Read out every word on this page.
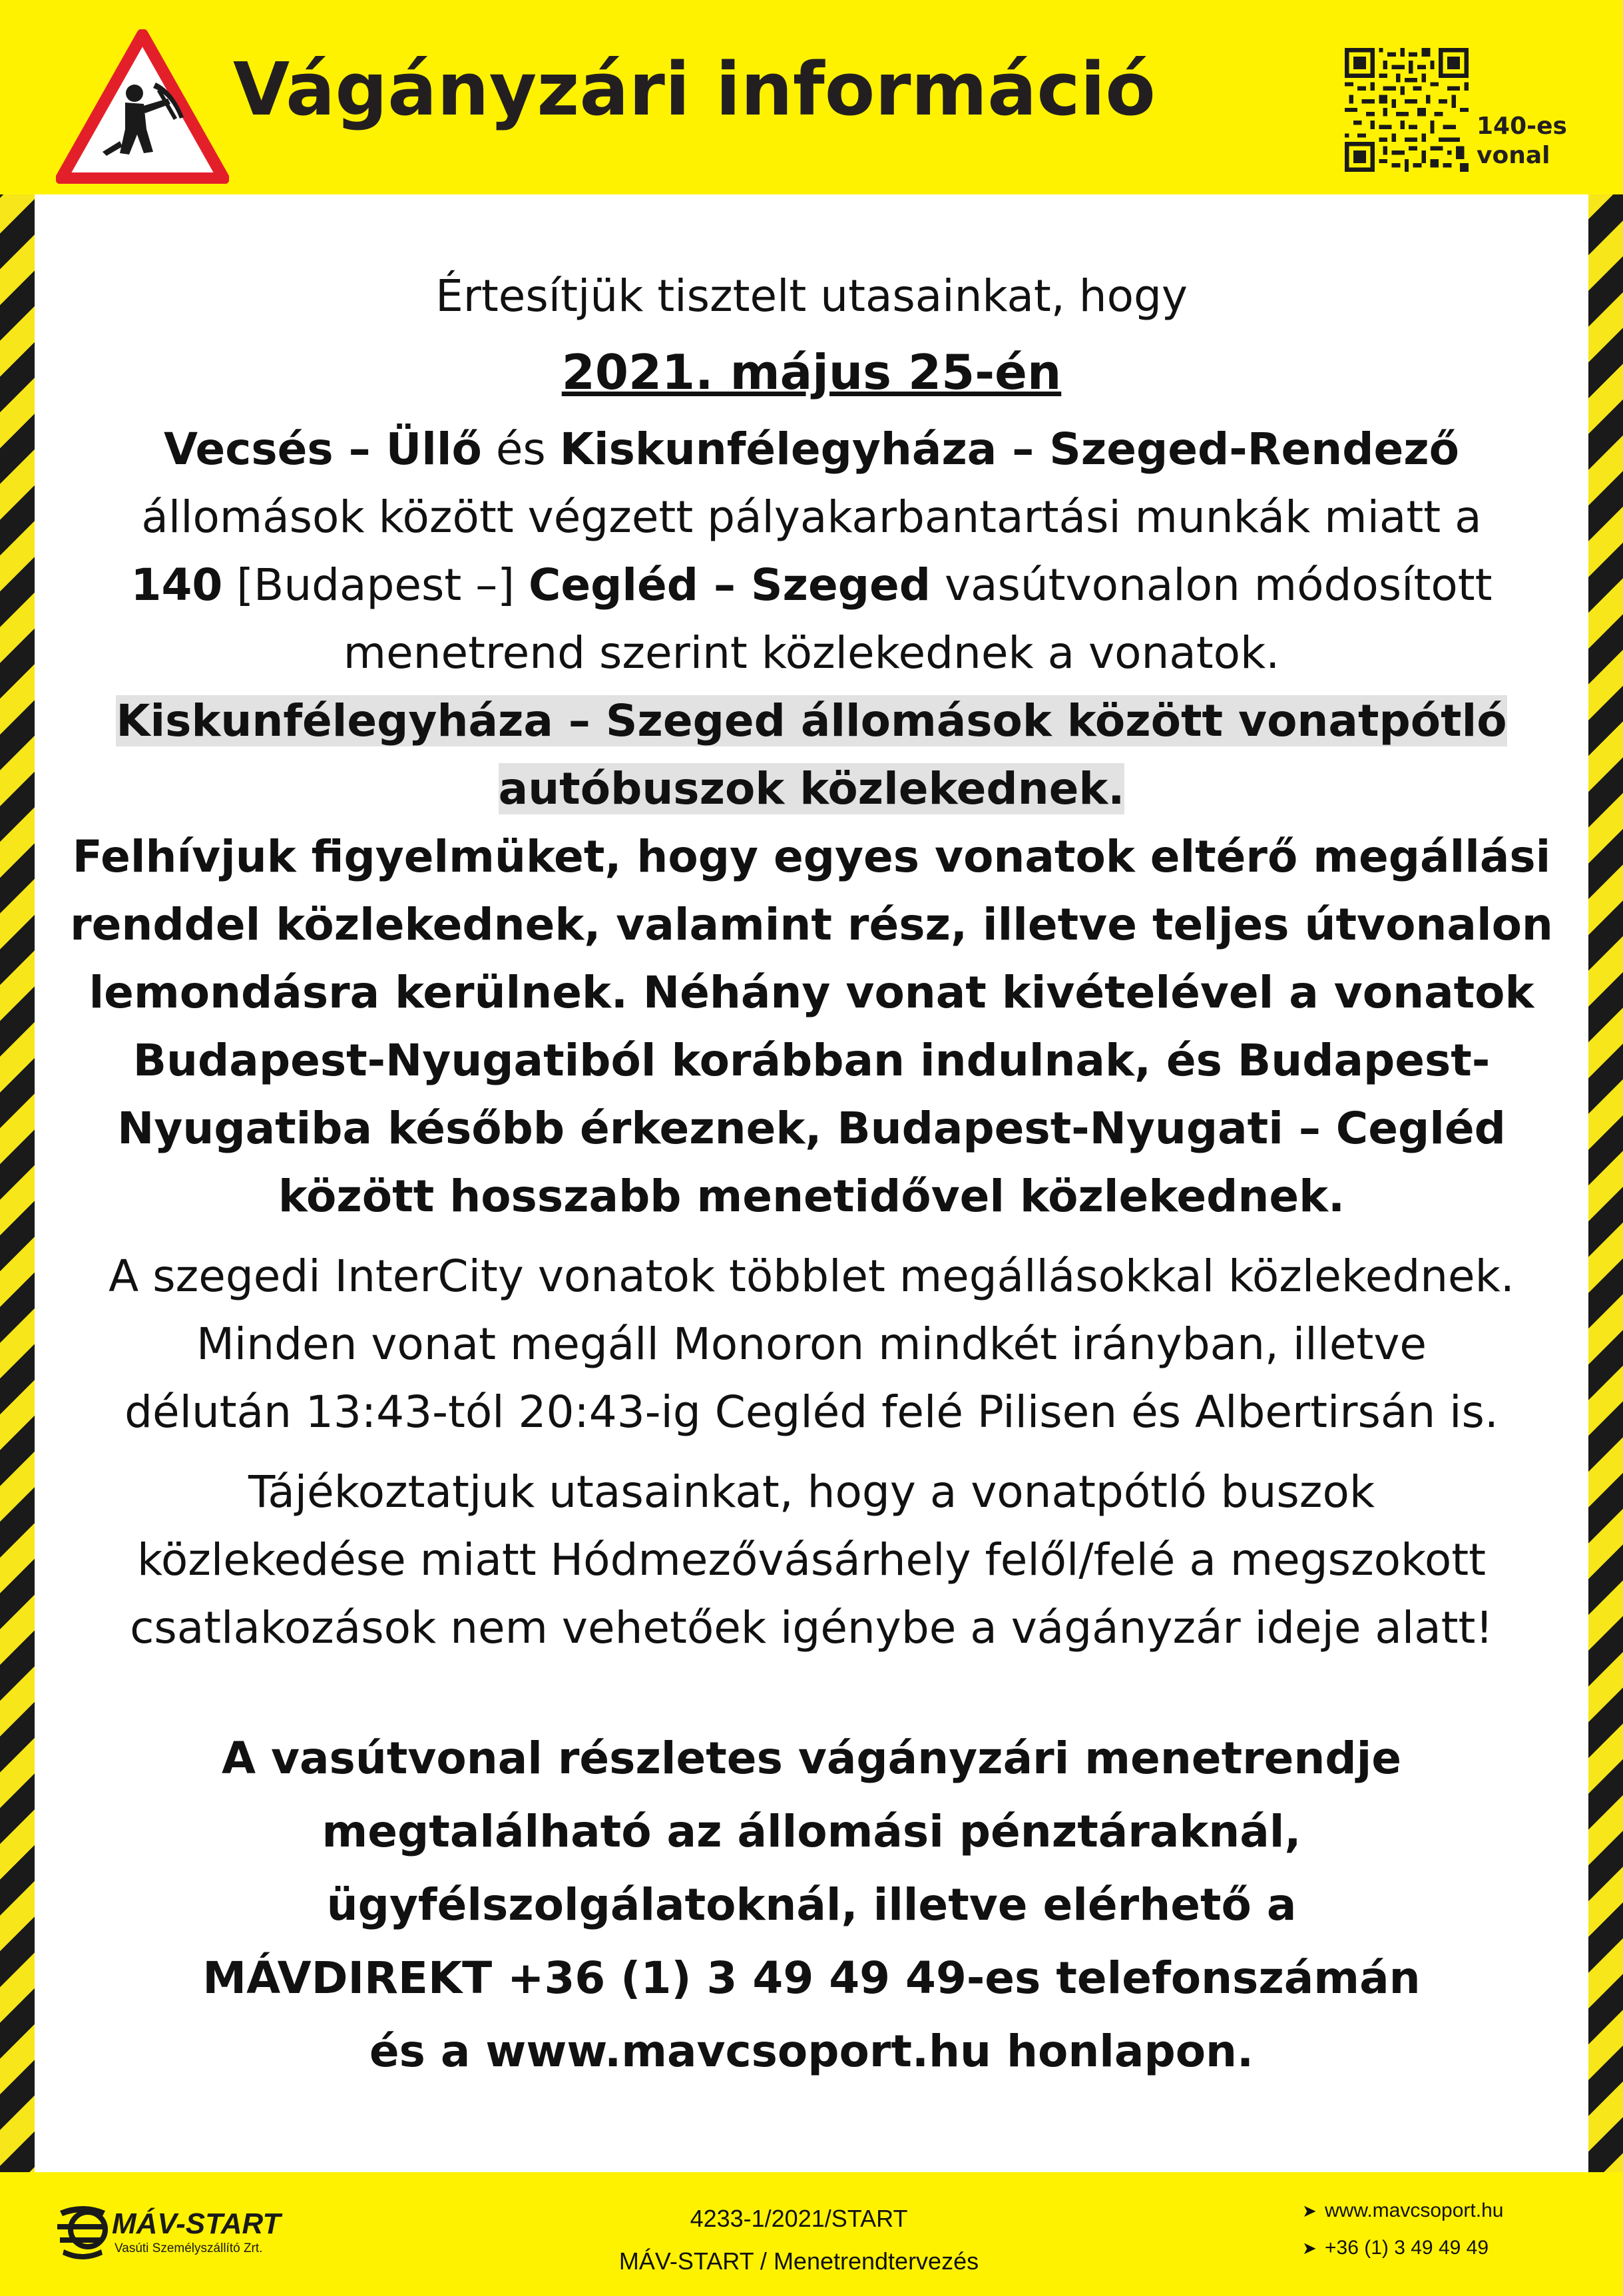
Vágányzári információ	140-es
vonal

Értesítjük tisztelt utasainkat, hogy

2021. május 25-én

Vecsés – Üllő és Kiskunfélegyháza – Szeged-Rendező
állomások között végzett pályakarbantartási munkák miatt a
140 [Budapest –] Cegléd – Szeged vasútvonalon módosított
menetrend szerint közlekednek a vonatok.
Kiskunfélegyháza – Szeged állomások között vonatpótló
autóbuszok közlekednek.
Felhívjuk figyelmüket, hogy egyes vonatok eltérő megállási
renddel közlekednek, valamint rész, illetve teljes útvonalon
lemondásra kerülnek. Néhány vonat kivételével a vonatok
Budapest-Nyugatiból korábban indulnak, és Budapest-
Nyugatiba később érkeznek, Budapest-Nyugati – Cegléd
között hosszabb menetidővel közlekednek.
A szegedi InterCity vonatok többlet megállásokkal közlekednek.
Minden vonat megáll Monoron mindkét irányban, illetve
délután 13:43-tól 20:43-ig Cegléd felé Pilisen és Albertirsán is.
Tájékoztatjuk utasainkat, hogy a vonatpótló buszok
közlekedése miatt Hódmezővásárhely felől/felé a megszokott
csatlakozások nem vehetőek igénybe a vágányzár ideje alatt!
A vasútvonal részletes vágányzári menetrendje
megtalálható az állomási pénztáraknál,
ügyfélszolgálatoknál, illetve elérhető a
MÁVDIREKT +36 (1) 3 49 49 49-es telefonszámán
és a www.mavcsoport.hu honlapon.
MÁV-START
Vasúti Személyszállító Zrt.
4233-1/2021/START
MÁV-START / Menetrendtervezés
➤ www.mavcsoport.hu
➤ +36 (1) 3 49 49 49
